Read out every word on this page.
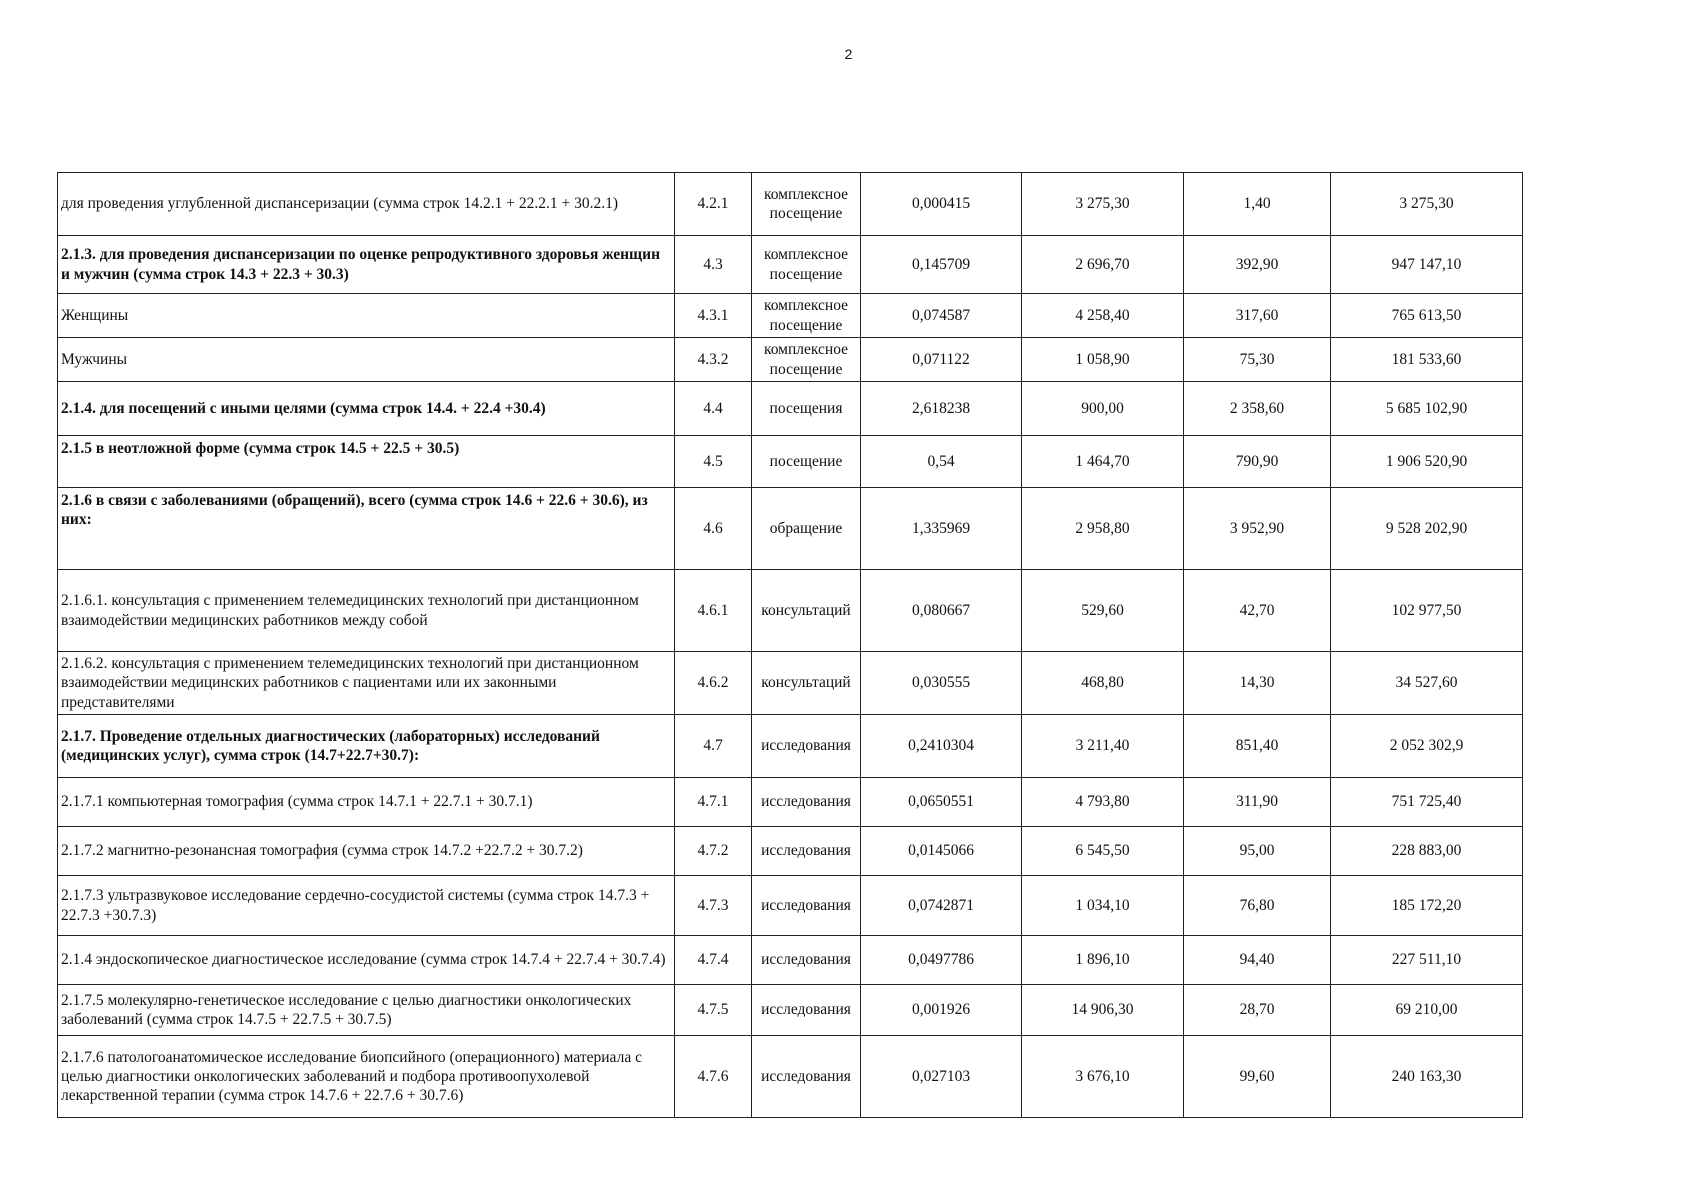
2
для проведения углубленной диспансеризации (сумма строк 14.2.1 + 22.2.1 + 30.2.1)	4.2.1	комплексное посещение	0,000415	3 275,30	1,40	3 275,30
2.1.3. для проведения диспансеризации по оценке репродуктивного здоровья женщин и мужчин (сумма строк 14.3 + 22.3 + 30.3)	4.3	комплексное посещение	0,145709	2 696,70	392,90	947 147,10
Женщины	4.3.1	комплексное посещение	0,074587	4 258,40	317,60	765 613,50
Мужчины	4.3.2	комплексное посещение	0,071122	1 058,90	75,30	181 533,60
2.1.4. для посещений с иными целями (сумма строк 14.4. + 22.4 +30.4)	4.4	посещения	2,618238	900,00	2 358,60	5 685 102,90
2.1.5 в неотложной форме (сумма строк 14.5 + 22.5 + 30.5)	4.5	посещение	0,54	1 464,70	790,90	1 906 520,90
2.1.6 в связи с заболеваниями (обращений), всего (сумма строк 14.6 + 22.6 + 30.6), из них:	4.6	обращение	1,335969	2 958,80	3 952,90	9 528 202,90
2.1.6.1. консультация с применением телемедицинских технологий при дистанционном взаимодействии медицинских работников между собой	4.6.1	консультаций	0,080667	529,60	42,70	102 977,50
2.1.6.2. консультация с применением телемедицинских технологий при дистанционном взаимодействии медицинских работников с пациентами или их законными представителями	4.6.2	консультаций	0,030555	468,80	14,30	34 527,60
2.1.7. Проведение отдельных диагностических (лабораторных) исследований (медицинских услуг), сумма строк (14.7+22.7+30.7):	4.7	исследования	0,2410304	3 211,40	851,40	2 052 302,9
2.1.7.1 компьютерная томография (сумма строк 14.7.1 + 22.7.1 + 30.7.1)	4.7.1	исследования	0,0650551	4 793,80	311,90	751 725,40
2.1.7.2 магнитно-резонансная томография (сумма строк 14.7.2 +22.7.2 + 30.7.2)	4.7.2	исследования	0,0145066	6 545,50	95,00	228 883,00
2.1.7.3 ультразвуковое исследование сердечно-сосудистой системы (сумма строк 14.7.3 + 22.7.3 +30.7.3)	4.7.3	исследования	0,0742871	1 034,10	76,80	185 172,20
2.1.4 эндоскопическое диагностическое исследование (сумма строк 14.7.4 + 22.7.4 + 30.7.4)	4.7.4	исследования	0,0497786	1 896,10	94,40	227 511,10
2.1.7.5 молекулярно-генетическое исследование с целью диагностики онкологических заболеваний (сумма строк 14.7.5 + 22.7.5 + 30.7.5)	4.7.5	исследования	0,001926	14 906,30	28,70	69 210,00
2.1.7.6 патологоанатомическое исследование биопсийного (операционного) материала с целью диагностики онкологических заболеваний и подбора противоопухолевой лекарственной терапии (сумма строк 14.7.6 + 22.7.6 + 30.7.6)	4.7.6	исследования	0,027103	3 676,10	99,60	240 163,30
